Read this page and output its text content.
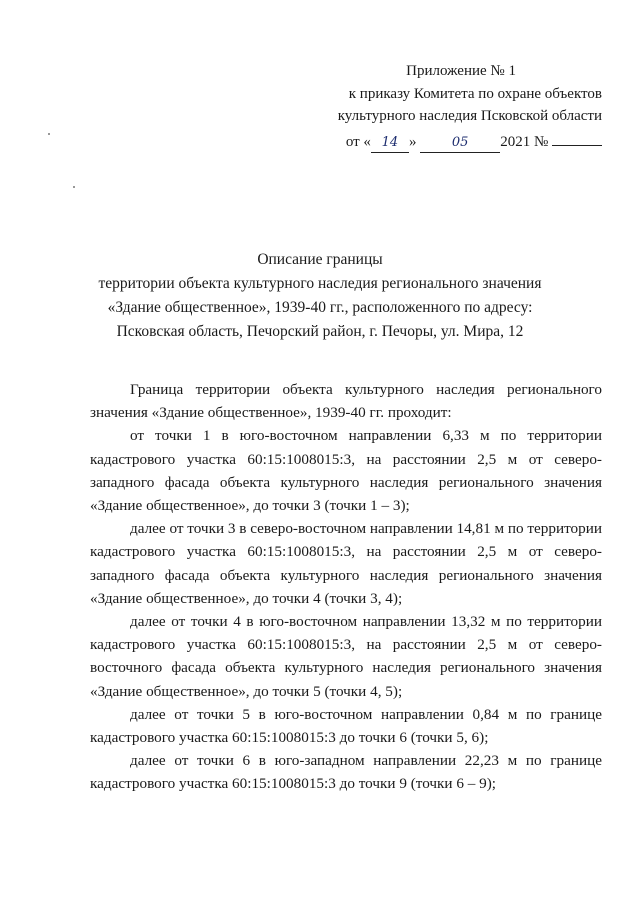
Приложение № 1
к приказу Комитета по охране объектов
культурного наследия Псковской области
от « 14 »	05 2021 №
Описание границы
территории объекта культурного наследия регионального значения
«Здание общественное», 1939-40 гг., расположенного по адресу:
Псковская область, Печорский район, г. Печоры, ул. Мира, 12

Граница территории объекта культурного наследия регионального значения «Здание общественное», 1939-40 гг. проходит:

от точки 1 в юго-восточном направлении 6,33 м по территории кадастрового участка 60:15:1008015:3, на расстоянии 2,5 м от северо-западного фасада объекта культурного наследия регионального значения «Здание общественное», до точки 3 (точки 1 – 3);

далее от точки 3 в северо-восточном направлении 14,81 м по территории кадастрового участка 60:15:1008015:3, на расстоянии 2,5 м от северо-западного фасада объекта культурного наследия регионального значения «Здание общественное», до точки 4 (точки 3, 4);

далее от точки 4 в юго-восточном направлении 13,32 м по территории кадастрового участка 60:15:1008015:3, на расстоянии 2,5 м от северо-восточного фасада объекта культурного наследия регионального значения «Здание общественное», до точки 5 (точки 4, 5);

далее от точки 5 в юго-восточном направлении 0,84 м по границе кадастрового участка 60:15:1008015:3 до точки 6 (точки 5, 6);

далее от точки 6 в юго-западном направлении 22,23 м по границе кадастрового участка 60:15:1008015:3 до точки 9 (точки 6 – 9);
